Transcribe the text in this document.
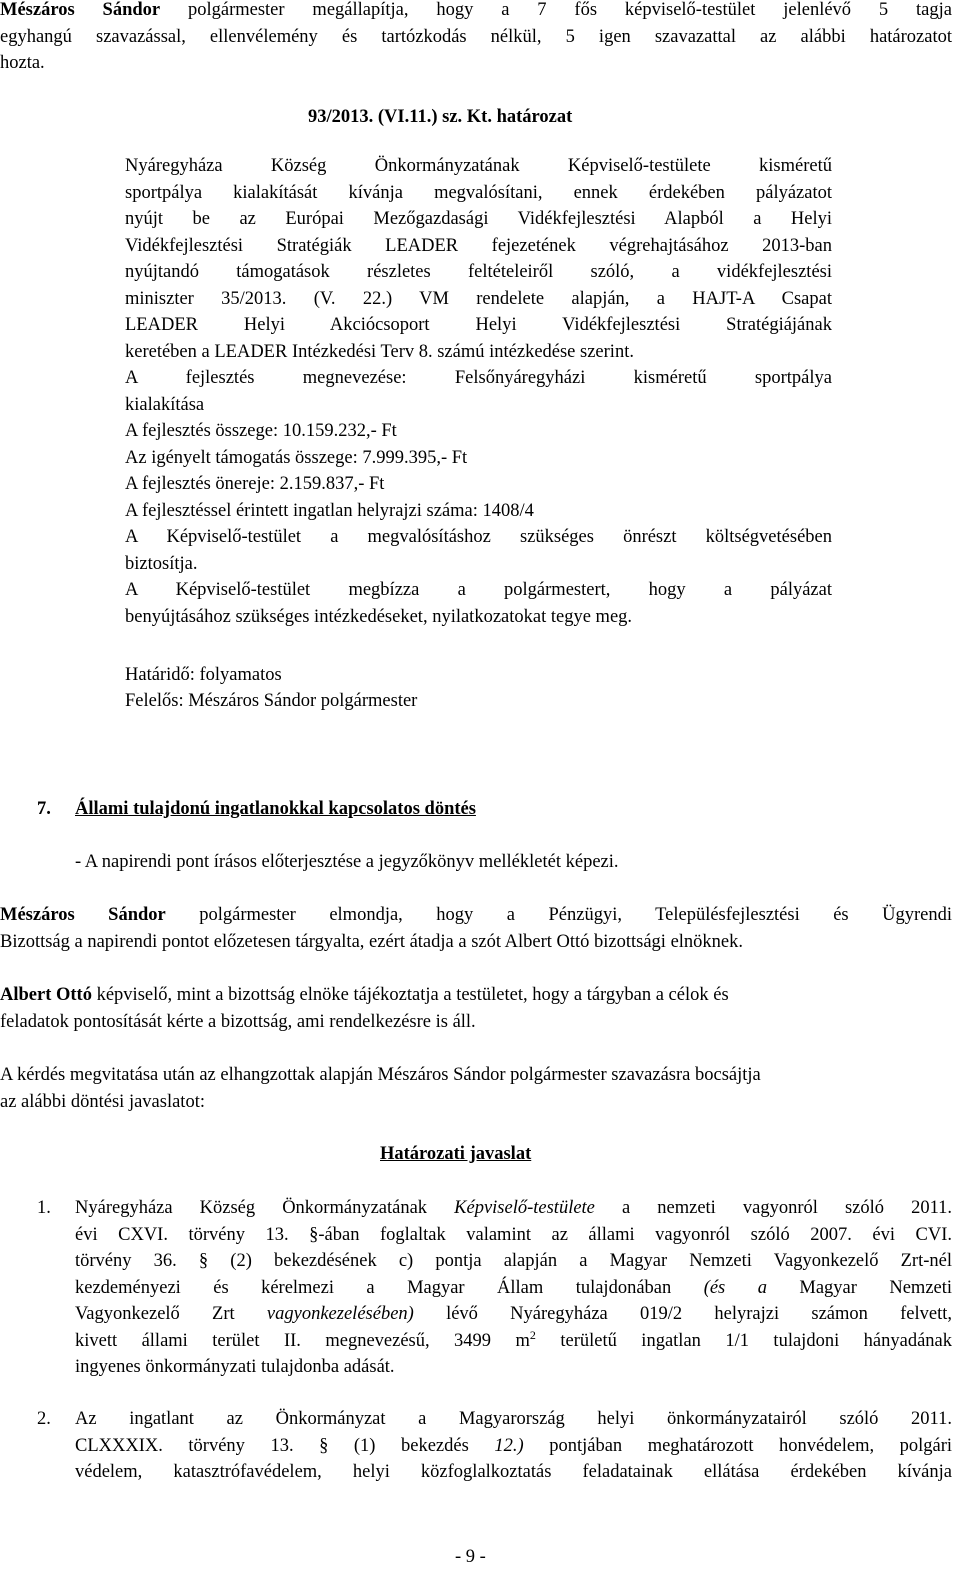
Mészáros Sándor polgármester megállapítja, hogy a 7 fős képviselő-testület jelenlévő 5 tagja
egyhangú szavazással, ellenvélemény és tartózkodás nélkül, 5 igen szavazattal az alábbi határozatot
hozta.
93/2013. (VI.11.) sz. Kt. határozat
Nyáregyháza Község Önkormányzatának Képviselő-testülete kisméretű
sportpálya kialakítását kívánja megvalósítani, ennek érdekében pályázatot
nyújt be az Európai Mezőgazdasági Vidékfejlesztési Alapból a Helyi
Vidékfejlesztési Stratégiák LEADER fejezetének végrehajtásához 2013-ban
nyújtandó támogatások részletes feltételeiről szóló, a vidékfejlesztési
miniszter 35/2013. (V. 22.) VM rendelete alapján, a HAJT-A Csapat
LEADER Helyi Akciócsoport Helyi Vidékfejlesztési Stratégiájának
keretében a LEADER Intézkedési Terv 8. számú intézkedése szerint.
A fejlesztés megnevezése: Felsőnyáregyházi kisméretű sportpálya
kialakítása
A fejlesztés összege: 10.159.232,- Ft
Az igényelt támogatás összege: 7.999.395,- Ft
A fejlesztés önereje: 2.159.837,- Ft
A fejlesztéssel érintett ingatlan helyrajzi száma: 1408/4
A Képviselő-testület a megvalósításhoz szükséges önrészt költségvetésében
biztosítja.
A Képviselő-testület megbízza a polgármestert, hogy a pályázat
benyújtásához szükséges intézkedéseket, nyilatkozatokat tegye meg.
Határidő: folyamatos
Felelős: Mészáros Sándor polgármester
7. Állami tulajdonú ingatlanokkal kapcsolatos döntés
- A napirendi pont írásos előterjesztése a jegyzőkönyv mellékletét képezi.
Mészáros Sándor polgármester elmondja, hogy a Pénzügyi, Településfejlesztési és Ügyrendi
Bizottság a napirendi pontot előzetesen tárgyalta, ezért átadja a szót Albert Ottó bizottsági elnöknek.
Albert Ottó képviselő, mint a bizottság elnöke tájékoztatja a testületet, hogy a tárgyban a célok és
feladatok pontosítását kérte a bizottság, ami rendelkezésre is áll.
A kérdés megvitatása után az elhangzottak alapján Mészáros Sándor polgármester szavazásra bocsájtja
az alábbi döntési javaslatot:
Határozati javaslat
1. Nyáregyháza Község Önkormányzatának Képviselő-testülete a nemzeti vagyonról szóló 2011.
évi CXVI. törvény 13. §-ában foglaltak valamint az állami vagyonról szóló 2007. évi CVI.
törvény 36. § (2) bekezdésének c) pontja alapján a Magyar Nemzeti Vagyonkezelő Zrt-nél
kezdeményezi és kérelmezi a Magyar Állam tulajdonában (és a Magyar Nemzeti
Vagyonkezelő Zrt vagyonkezelésében) lévő Nyáregyháza 019/2 helyrajzi számon felvett,
kivett állami terület II. megnevezésű, 3499 $m^2$ területű ingatlan 1/1 tulajdoni hányadának
ingyenes önkormányzati tulajdonba adását.
2. Az ingatlant az Önkormányzat a Magyarország helyi önkormányzatairól szóló 2011.
CLXXXIX. törvény 13. § (1) bekezdés 12.) pontjában meghatározott honvédelem, polgári
védelem, katasztrófavédelem, helyi közfoglalkoztatás feladatainak ellátása érdekében kívánja
- 9 -
